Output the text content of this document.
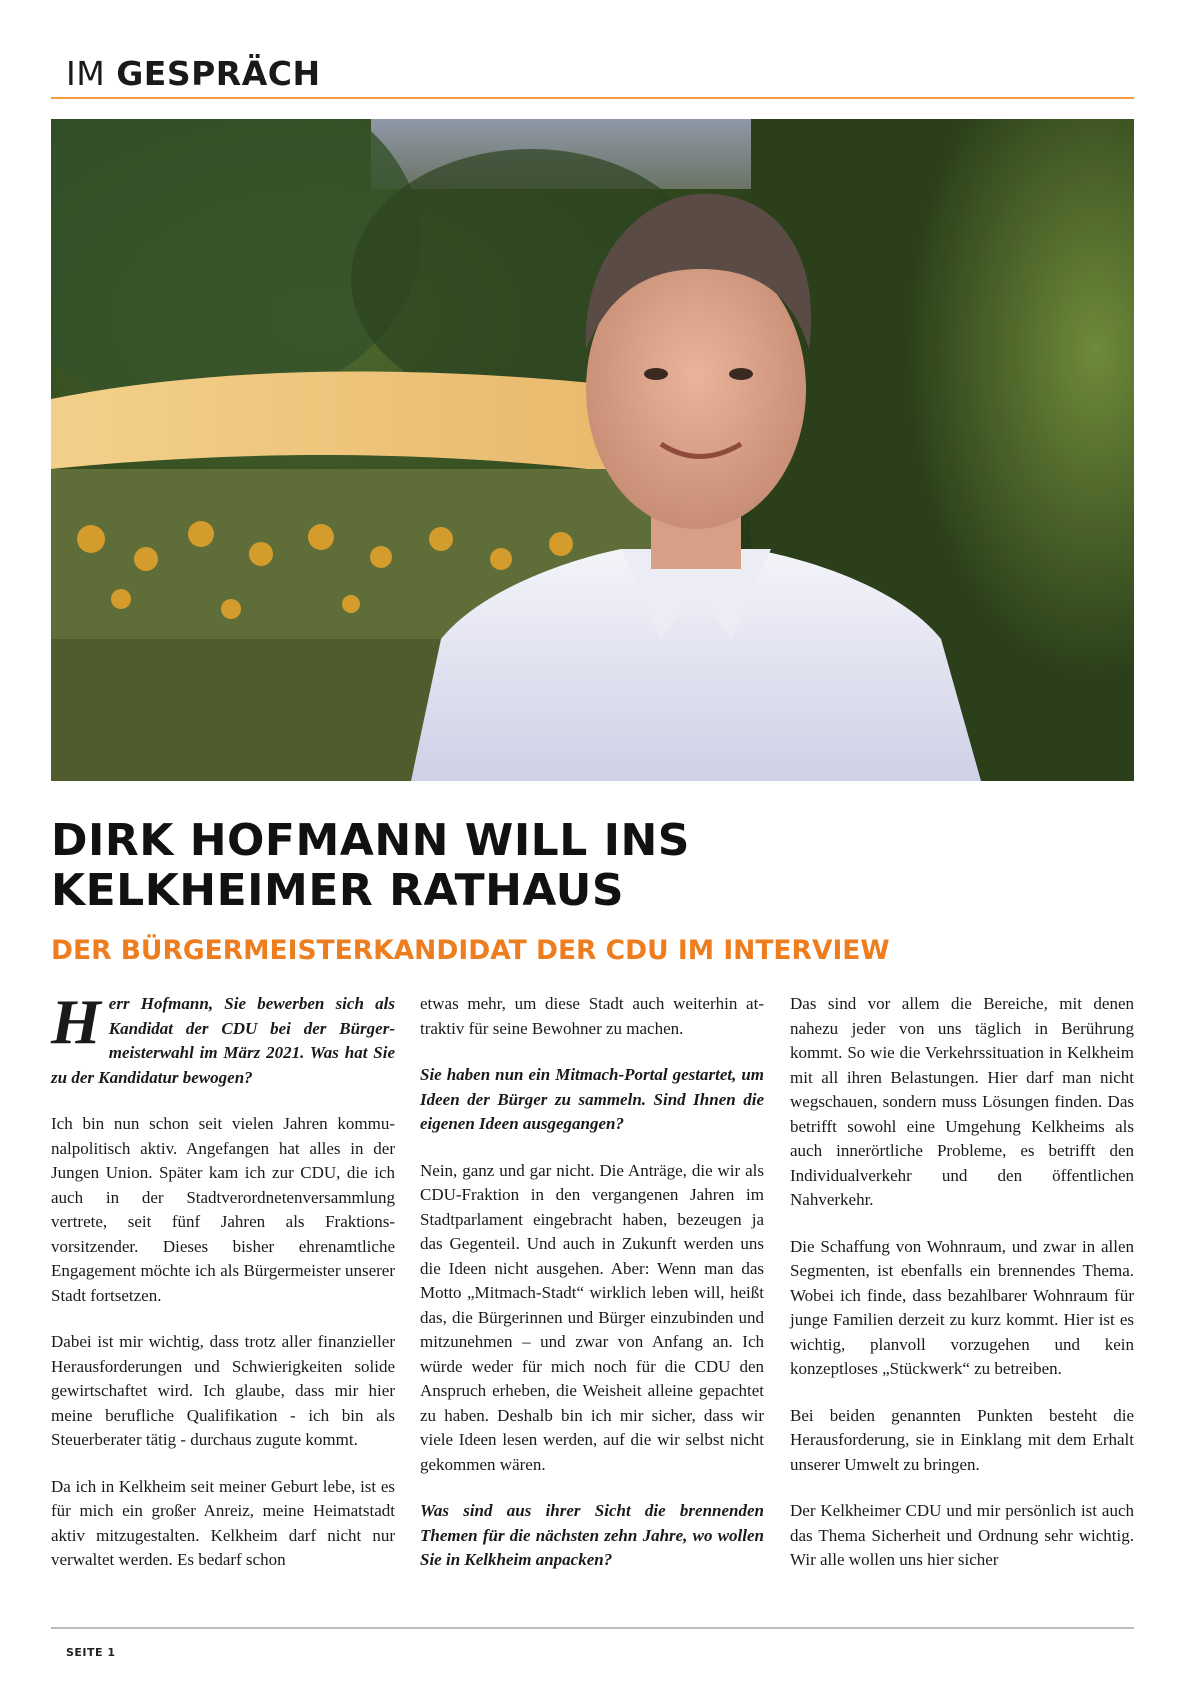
IM GESPRÄCH
DIRK HOFMANN WILL INS
KELKHEIMER RATHAUS
DER BÜRGERMEISTERKANDIDAT DER CDU IM INTERVIEW

Herr Hofmann, Sie bewerben sich als Kandidat der CDU bei der Bürgermeisterwahl im März 2021. Was hat Sie zu der Kandidatur bewogen?

Ich bin nun schon seit vielen Jahren kommunalpolitisch aktiv. Angefangen hat alles in der Jungen Union. Später kam ich zur CDU, die ich auch in der Stadtverordnetenversammlung vertrete, seit fünf Jahren als Fraktionsvorsitzender. Dieses bisher ehrenamtliche Engagement möchte ich als Bürgermeister unserer Stadt fortsetzen.

Dabei ist mir wichtig, dass trotz aller finanzieller Herausforderungen und Schwierigkeiten solide gewirtschaftet wird. Ich glaube, dass mir hier meine berufliche Qualifikation - ich bin als Steuerberater tätig - durchaus zugute kommt.

Da ich in Kelkheim seit meiner Geburt lebe, ist es für mich ein großer Anreiz, meine Heimatstadt aktiv mitzugestalten. Kelkheim darf nicht nur verwaltet werden. Es bedarf schon

etwas mehr, um diese Stadt auch weiterhin attraktiv für seine Bewohner zu machen.

Sie haben nun ein Mitmach-Portal gestartet, um Ideen der Bürger zu sammeln. Sind Ihnen die eigenen Ideen ausgegangen?

Nein, ganz und gar nicht. Die Anträge, die wir als CDU-Fraktion in den vergangenen Jahren im Stadtparlament eingebracht haben, bezeugen ja das Gegenteil. Und auch in Zukunft werden uns die Ideen nicht ausgehen. Aber: Wenn man das Motto „Mitmach-Stadt“ wirklich leben will, heißt das, die Bürgerinnen und Bürger einzubinden und mitzunehmen – und zwar von Anfang an. Ich würde weder für mich noch für die CDU den Anspruch erheben, die Weisheit alleine gepachtet zu haben. Deshalb bin ich mir sicher, dass wir viele Ideen lesen werden, auf die wir selbst nicht gekommen wären.

Was sind aus ihrer Sicht die brennenden Themen für die nächsten zehn Jahre, wo wollen Sie in Kelkheim anpacken?

Das sind vor allem die Bereiche, mit denen nahezu jeder von uns täglich in Berührung kommt. So wie die Verkehrssituation in Kelkheim mit all ihren Belastungen. Hier darf man nicht wegschauen, sondern muss Lösungen finden. Das betrifft sowohl eine Umgehung Kelkheims als auch innerörtliche Probleme, es betrifft den Individualverkehr und den öffentlichen Nahverkehr.

Die Schaffung von Wohnraum, und zwar in allen Segmenten, ist ebenfalls ein brennendes Thema. Wobei ich finde, dass bezahlbarer Wohnraum für junge Familien derzeit zu kurz kommt. Hier ist es wichtig, planvoll vorzugehen und kein konzeptloses „Stückwerk“ zu betreiben.

Bei beiden genannten Punkten besteht die Herausforderung, sie in Einklang mit dem Erhalt unserer Umwelt zu bringen.

Der Kelkheimer CDU und mir persönlich ist auch das Thema Sicherheit und Ordnung sehr wichtig. Wir alle wollen uns hier sicher

SEITE 1
